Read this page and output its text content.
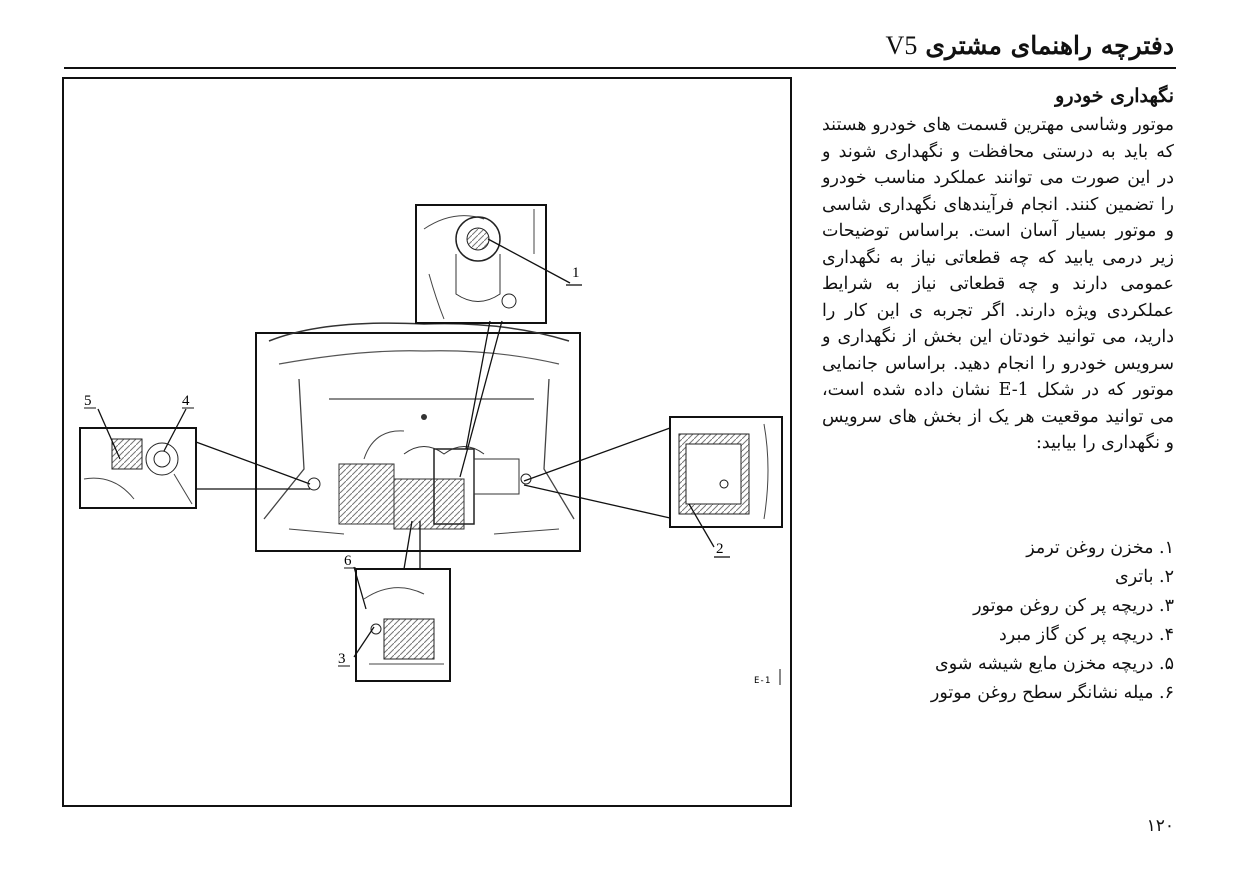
دفترچه راهنمای مشتریV5
1
2
3
4
5
6
E-1
نگهداری خودرو

موتور وشاسی مهترین قسمت های خودرو هستند که باید به درستی محافظت و نگهداری شوند و در این صورت می توانند عملکرد مناسب خودرو را تضمین کنند. انجام فرآیندهای نگهداری شاسی و موتور بسیار آسان است. براساس توضیحات زیر درمی یابید که چه قطعاتی نیاز به نگهداری عمومی دارند و چه قطعاتی نیاز به شرایط عملکردی ویژه دارند. اگر تجربه ی این کار را دارید، می توانید خودتان این بخش از نگهداری و سرویس خودرو را انجام دهید. براساس جانمایی موتور که در شکل E-1 نشان داده شده است، می توانید موقعیت هر یک از بخش های سرویس و نگهداری را بیابید:

۱. مخزن روغن ترمز
۲. باتری
۳. دریچه پر کن روغن موتور
۴. دریچه پر کن گاز مبرد
۵. دریچه مخزن مایع شیشه شوی
۶. میله نشانگر سطح روغن موتور
۱۲۰
